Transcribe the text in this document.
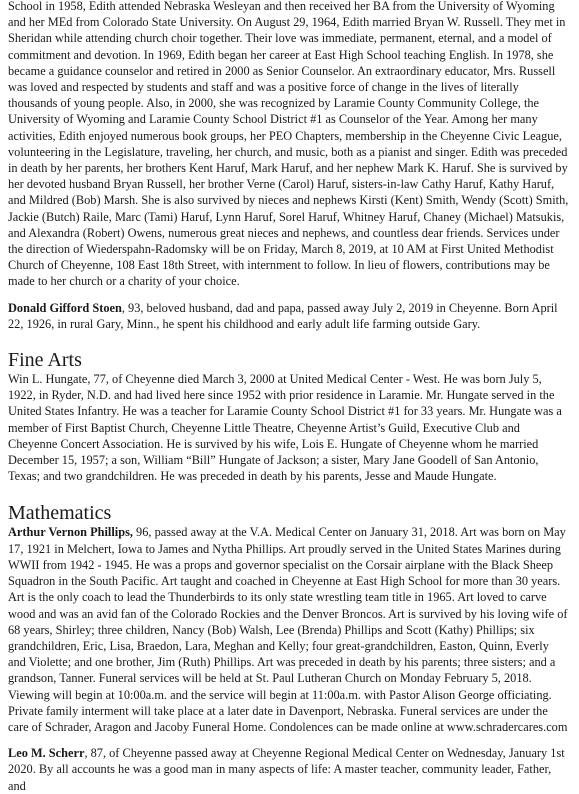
School in 1958, Edith attended Nebraska Wesleyan and then received her BA from the University of Wyoming and her MEd from Colorado State University. On August 29, 1964, Edith married Bryan W. Russell. They met in Sheridan while attending church choir together. Their love was immediate, permanent, eternal, and a model of commitment and devotion. In 1969, Edith began her career at East High School teaching English. In 1978, she became a guidance counselor and retired in 2000 as Senior Counselor. An extraordinary educator, Mrs. Russell was loved and respected by students and staff and was a positive force of change in the lives of literally thousands of young people. Also, in 2000, she was recognized by Laramie County Community College, the University of Wyoming and Laramie County School District #1 as Counselor of the Year. Among her many activities, Edith enjoyed numerous book groups, her PEO Chapters, membership in the Cheyenne Civic League, volunteering in the Legislature, traveling, her church, and music, both as a pianist and singer. Edith was preceded in death by her parents, her brothers Kent Haruf, Mark Haruf, and her nephew Mark K. Haruf. She is survived by her devoted husband Bryan Russell, her brother Verne (Carol) Haruf, sisters-in-law Cathy Haruf, Kathy Haruf, and Mildred (Bob) Marsh. She is also survived by nieces and nephews Kirsti (Kent) Smith, Wendy (Scott) Smith, Jackie (Butch) Raile, Marc (Tami) Haruf, Lynn Haruf, Sorel Haruf, Whitney Haruf, Chaney (Michael) Matsukis, and Alexandra (Robert) Owens, numerous great nieces and nephews, and countless dear friends. Services under the direction of Wiederspahn-Radomsky will be on Friday, March 8, 2019, at 10 AM at First United Methodist Church of Cheyenne, 108 East 18th Street, with internment to follow. In lieu of flowers, contributions may be made to her church or a charity of your choice.

Donald Gifford Stoen, 93, beloved husband, dad and papa, passed away July 2, 2019 in Cheyenne. Born April 22, 1926, in rural Gary, Minn., he spent his childhood and early adult life farming outside Gary.

Fine Arts

Win L. Hungate, 77, of Cheyenne died March 3, 2000 at United Medical Center - West. He was born July 5, 1922, in Ryder, N.D. and had lived here since 1952 with prior residence in Laramie. Mr. Hungate served in the United States Infantry. He was a teacher for Laramie County School District #1 for 33 years. Mr. Hungate was a member of First Baptist Church, Cheyenne Little Theatre, Cheyenne Artist’s Guild, Executive Club and Cheyenne Concert Association. He is survived by his wife, Lois E. Hungate of Cheyenne whom he married December 15, 1957; a son, William “Bill” Hungate of Jackson; a sister, Mary Jane Goodell of San Antonio, Texas; and two grandchildren. He was preceded in death by his parents, Jesse and Maude Hungate.

Mathematics

Arthur Vernon Phillips, 96, passed away at the V.A. Medical Center on January 31, 2018. Art was born on May 17, 1921 in Melchert, Iowa to James and Nytha Phillips. Art proudly served in the United States Marines during WWII from 1942 - 1945. He was a props and governor specialist on the Corsair airplane with the Black Sheep Squadron in the South Pacific. Art taught and coached in Cheyenne at East High School for more than 30 years. Art is the only coach to lead the Thunderbirds to its only state wrestling team title in 1965. Art loved to carve wood and was an avid fan of the Colorado Rockies and the Denver Broncos. Art is survived by his loving wife of 68 years, Shirley; three children, Nancy (Bob) Walsh, Lee (Brenda) Phillips and Scott (Kathy) Phillips; six grandchildren, Eric, Lisa, Braedon, Lara, Meghan and Kelly; four great-grandchildren, Easton, Quinn, Everly and Violette; and one brother, Jim (Ruth) Phillips. Art was preceded in death by his parents; three sisters; and a grandson, Tanner. Funeral services will be held at St. Paul Lutheran Church on Monday February 5, 2018. Viewing will begin at 10:00a.m. and the service will begin at 11:00a.m. with Pastor Alison George officiating. Private family interment will take place at a later date in Davenport, Nebraska. Funeral services are under the care of Schrader, Aragon and Jacoby Funeral Home. Condolences can be made online at www.schradercares.com

Leo M. Scherr, 87, of Cheyenne passed away at Cheyenne Regional Medical Center on Wednesday, January 1st 2020. By all accounts he was a good man in many aspects of life: A master teacher, community leader, Father, and
